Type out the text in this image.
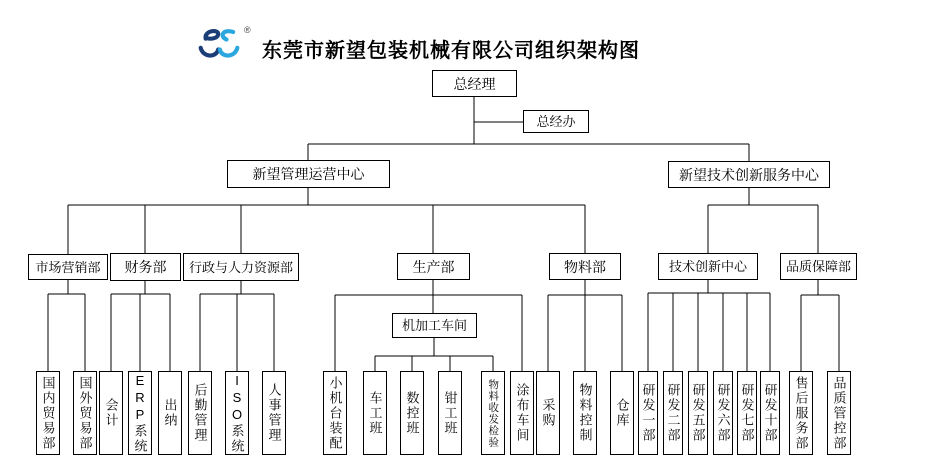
®
东莞市新望包装机械有限公司组织架构图
总经理
总经办
新望管理运营中心	新望技术创新服务中心
市场营销部	财务部	行政与人力资源部	生产部	物料部	技术创新中心	品质保障部
机加工车间
国内贸易部	国外贸易部 会计	ERP系统	出纳	后勤管理	ISO系统	人事管理	小机台装配	车工班	数控班	钳工班	物料收发检验	涂布车间 采购	物料控制	仓库 研发一部 研发二部 研发五部 研发六部 研发七部 研发十部	售后服务部	品质管控部
